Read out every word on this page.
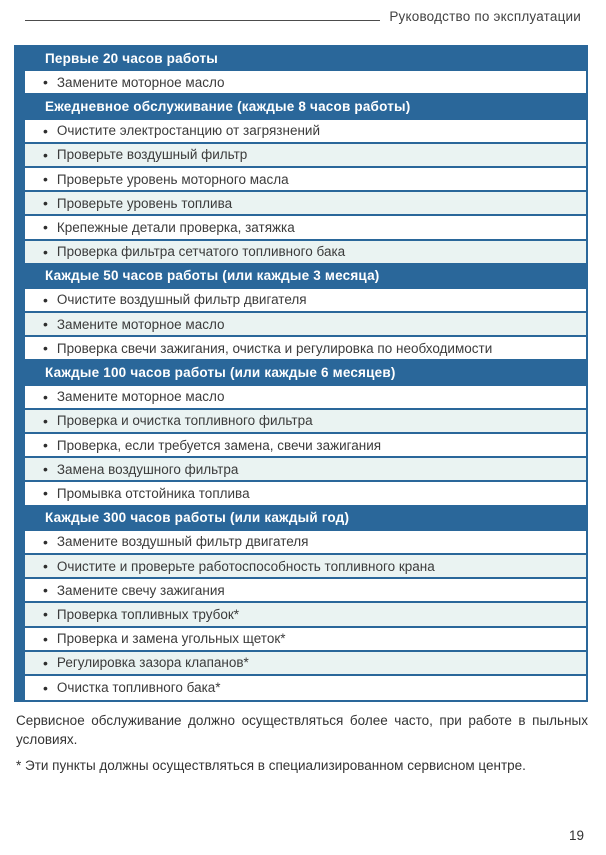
Руководство по эксплуатации
Первые 20 часов работы
• Замените моторное масло
Ежедневное обслуживание (каждые 8 часов работы)
• Очистите электростанцию от загрязнений
• Проверьте воздушный фильтр
• Проверьте уровень моторного масла
• Проверьте уровень топлива
• Крепежные детали проверка, затяжка
• Проверка фильтра сетчатого топливного бака
Каждые 50 часов работы (или каждые 3 месяца)
• Очистите воздушный фильтр двигателя
• Замените моторное масло
• Проверка свечи зажигания, очистка и регулировка по необходимости
Каждые 100 часов работы (или каждые 6 месяцев)
• Замените моторное масло
• Проверка и очистка топливного фильтра
• Проверка, если требуется замена, свечи зажигания
• Замена воздушного фильтра
• Промывка отстойника топлива
Каждые 300 часов работы (или каждый год)
• Замените воздушный фильтр двигателя
• Очистите и проверьте работоспособность топливного крана
• Замените свечу зажигания
• Проверка топливных трубок*
• Проверка и замена угольных щеток*
• Регулировка зазора клапанов*
• Очистка топливного бака*
Сервисное обслуживание должно осуществляться более часто, при работе в пыльных условиях.
* Эти пункты должны осуществляться в специализированном сервисном центре.
19
